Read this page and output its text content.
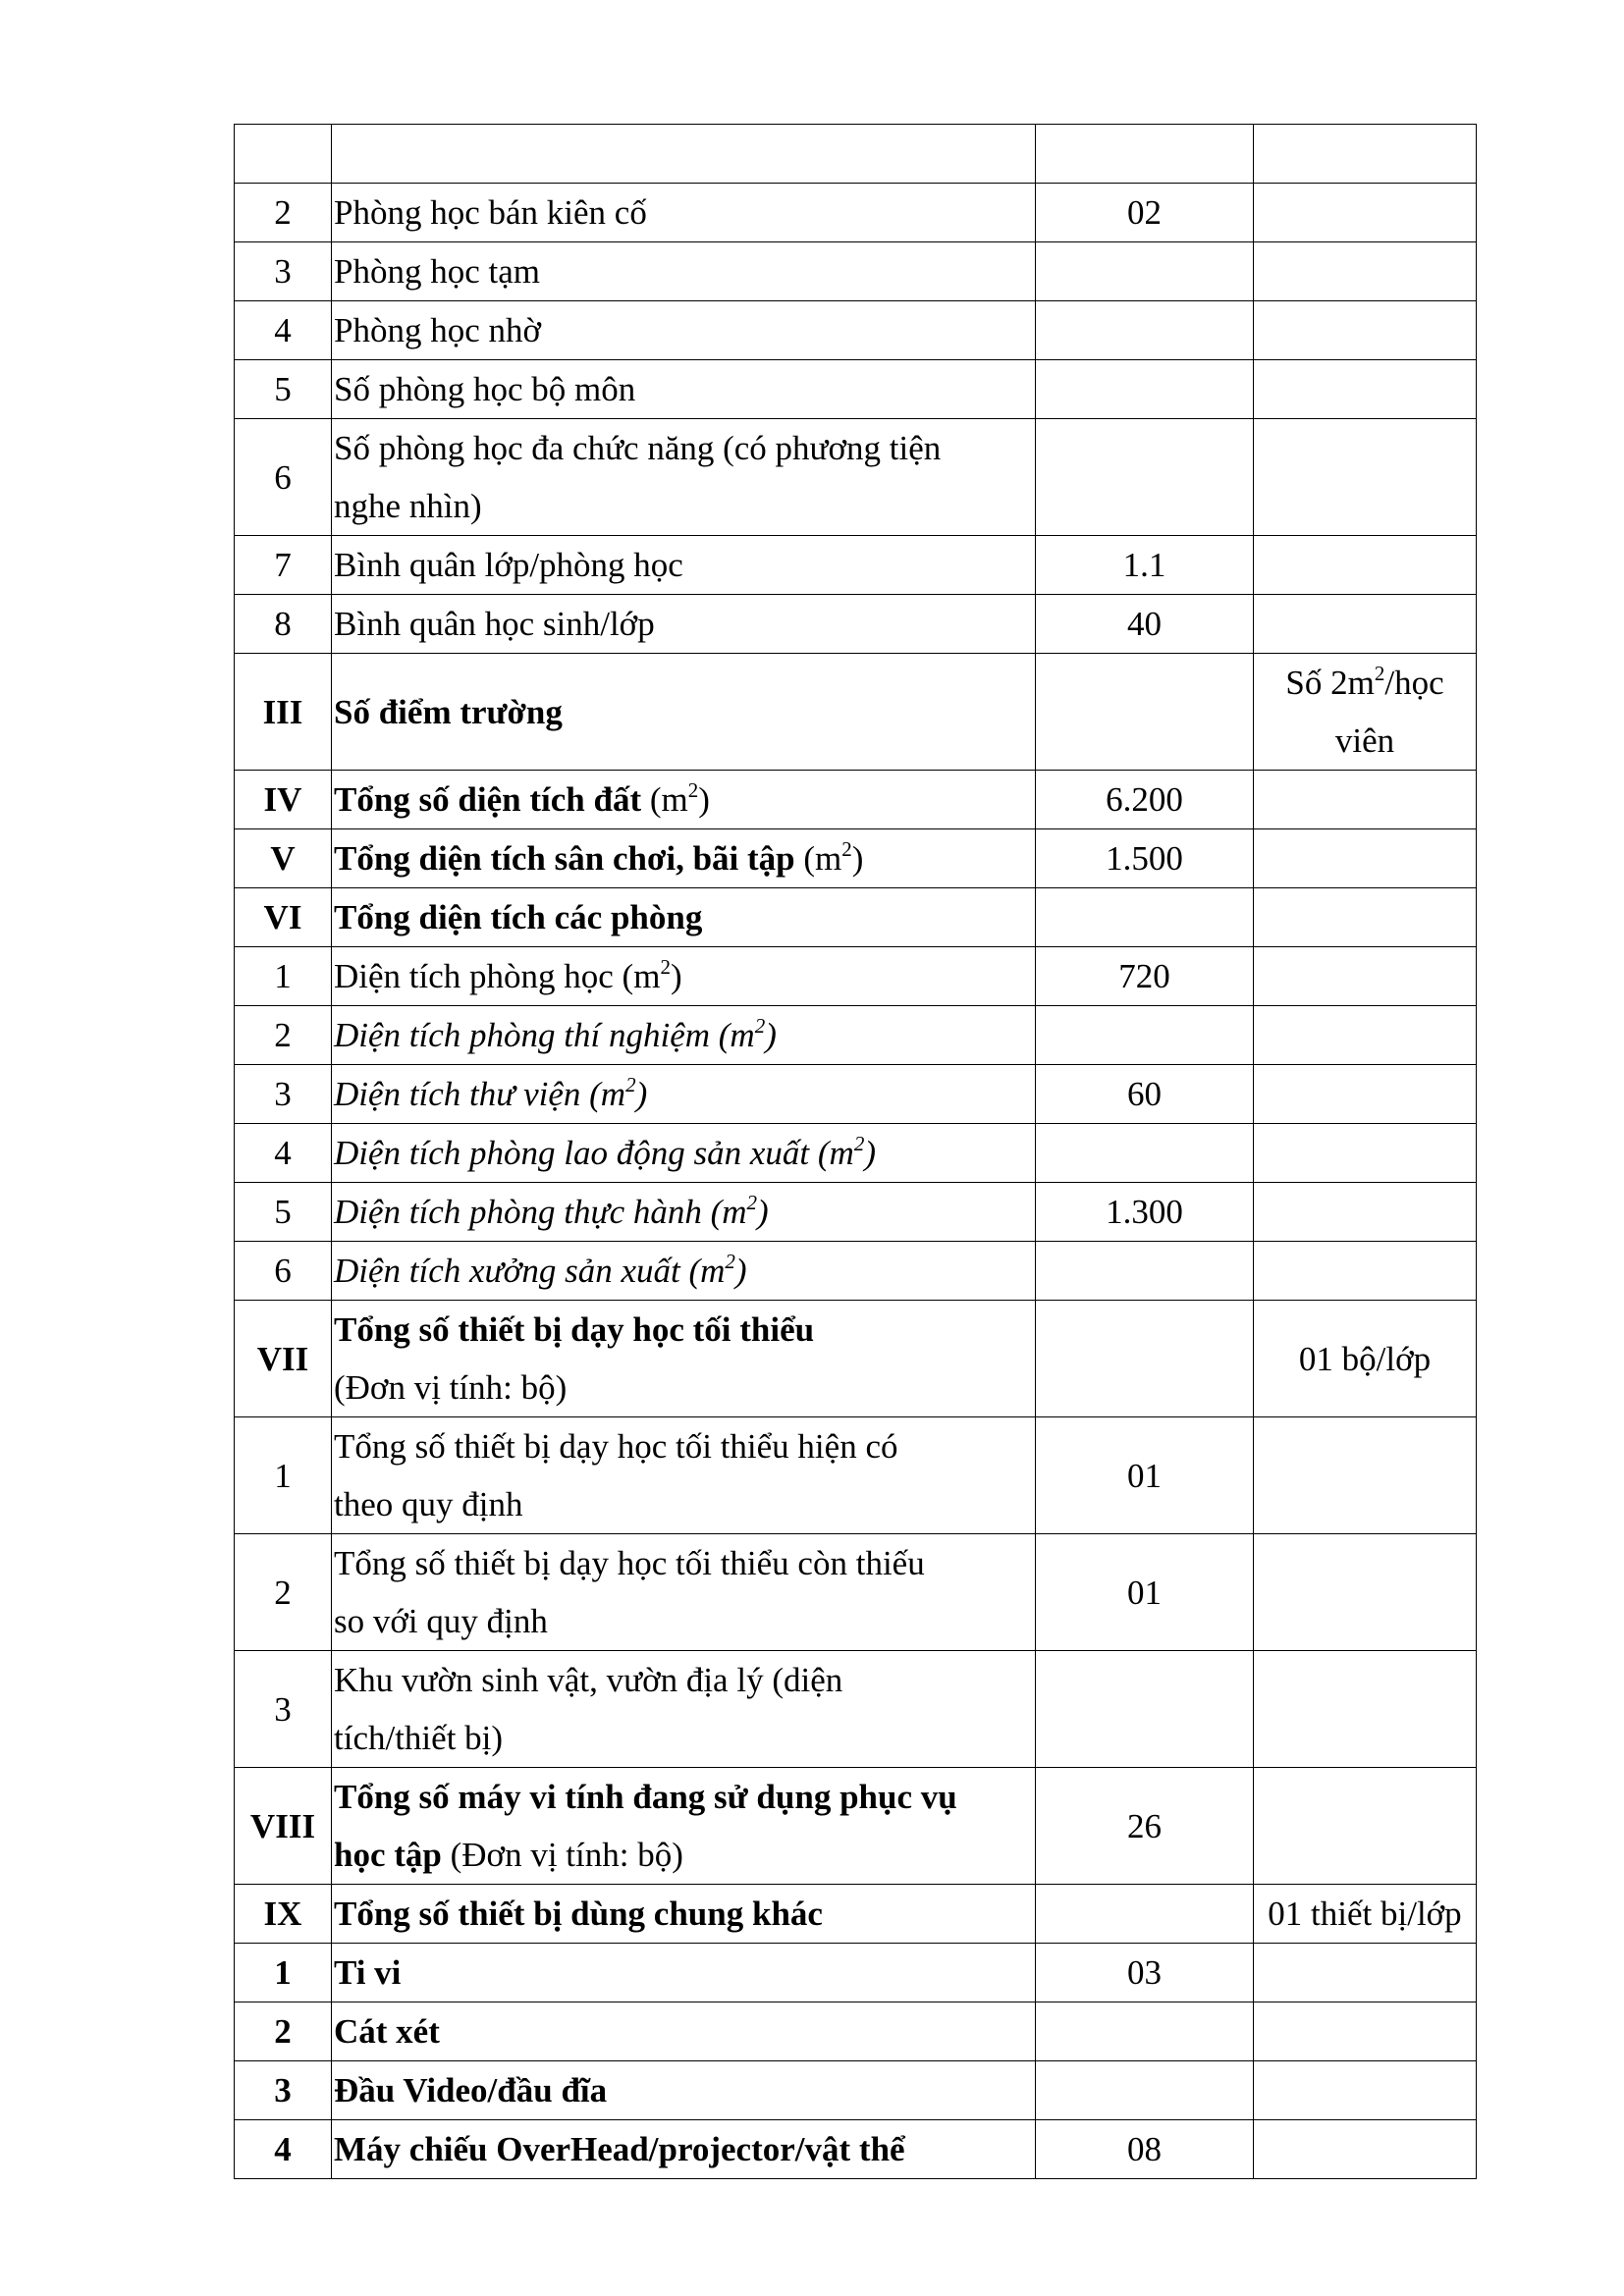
2	Phòng học bán kiên cố	02	
3	Phòng học tạm		
4	Phòng học nhờ		
5	Số phòng học bộ môn		
6	Số phòng học đa chức năng (có phương tiện
nghe nhìn)		
7	Bình quân lớp/phòng học	1.1	
8	Bình quân học sinh/lớp	40	
III	Số điểm trường		Số $2m^2$/học
viên
IV	Tổng số diện tích đất $(m^2)$	6.200	
V	Tổng diện tích sân chơi, bãi tập $(m^2)$	1.500	
VI	Tổng diện tích các phòng		
1	Diện tích phòng học $(m^2)$	720	
2	Diện tích phòng thí nghiệm $(m^2)$		
3	Diện tích thư viện $(m^2)$	60	
4	Diện tích phòng lao động sản xuất $(m^2)$		
5	Diện tích phòng thực hành $(m^2)$	1.300	
6	Diện tích xưởng sản xuất $(m^2)$		
VII	Tổng số thiết bị dạy học tối thiểu
(Đơn vị tính: bộ)		01 bộ/lớp
1	Tổng số thiết bị dạy học tối thiểu hiện có
theo quy định	01	
2	Tổng số thiết bị dạy học tối thiểu còn thiếu
so với quy định	01	
3	Khu vườn sinh vật, vườn địa lý (diện
tích/thiết bị)		
VIII	Tổng số máy vi tính đang sử dụng phục vụ
học tập (Đơn vị tính: bộ)	26	
IX	Tổng số thiết bị dùng chung khác		01 thiết bị/lớp
1	Ti vi	03	
2	Cát xét		
3	Đầu Video/đầu đĩa		
4	Máy chiếu OverHead/projector/vật thể	08	
